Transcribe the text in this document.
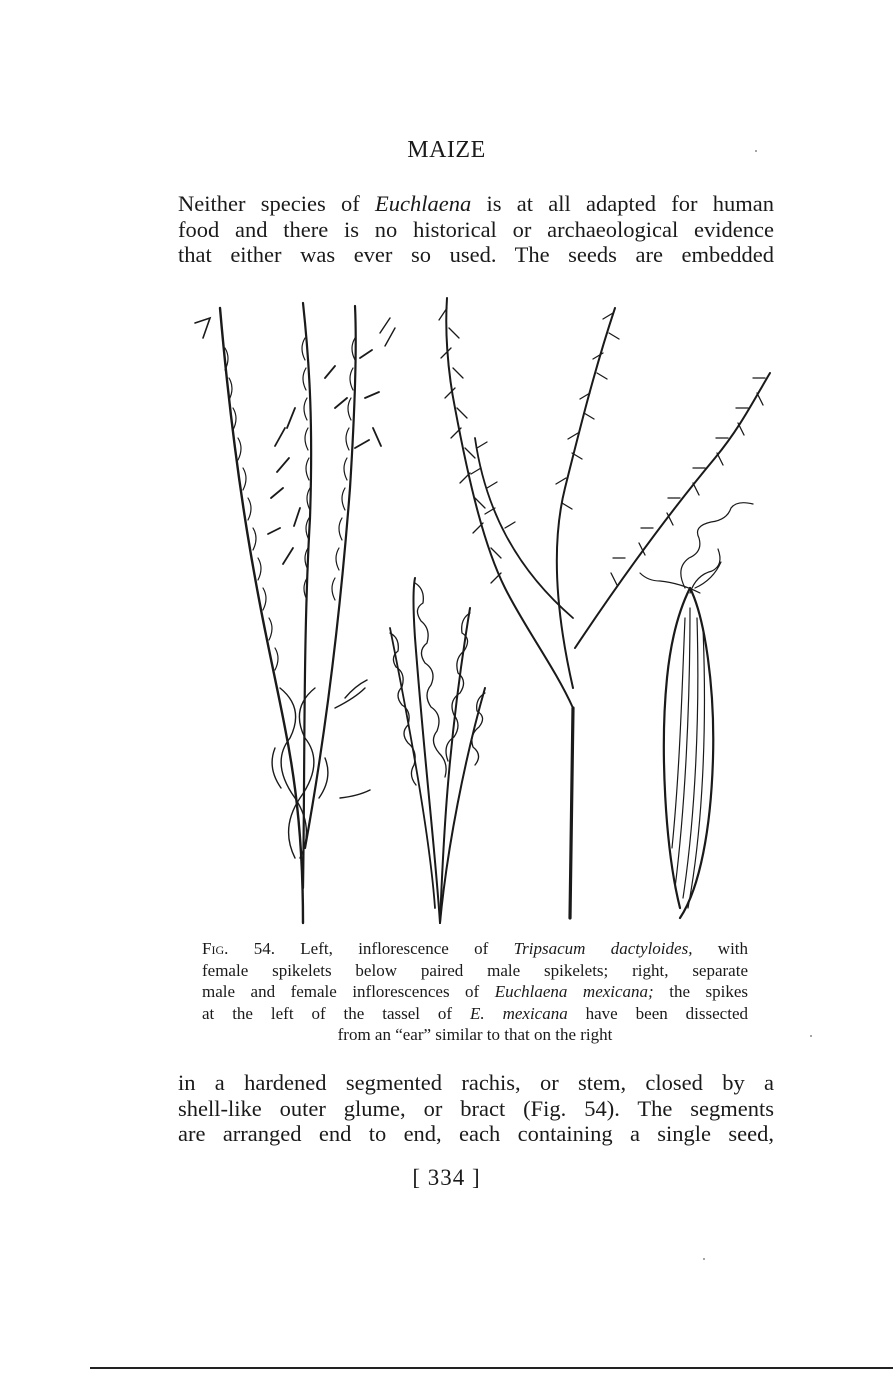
MAIZE
Neither species of Euchlaena is at all adapted for human
food and there is no historical or archaeological evidence
that either was ever so used. The seeds are embedded
Fig. 54. Left, inflorescence of Tripsacum dactyloides, with
female spikelets below paired male spikelets; right, separate
male and female inflorescences of Euchlaena mexicana; the spikes
at the left of the tassel of E. mexicana have been dissected
from an “ear” similar to that on the right
in a hardened segmented rachis, or stem, closed by a
shell-like outer glume, or bract (Fig. 54). The segments
are arranged end to end, each containing a single seed,
[ 334 ]
